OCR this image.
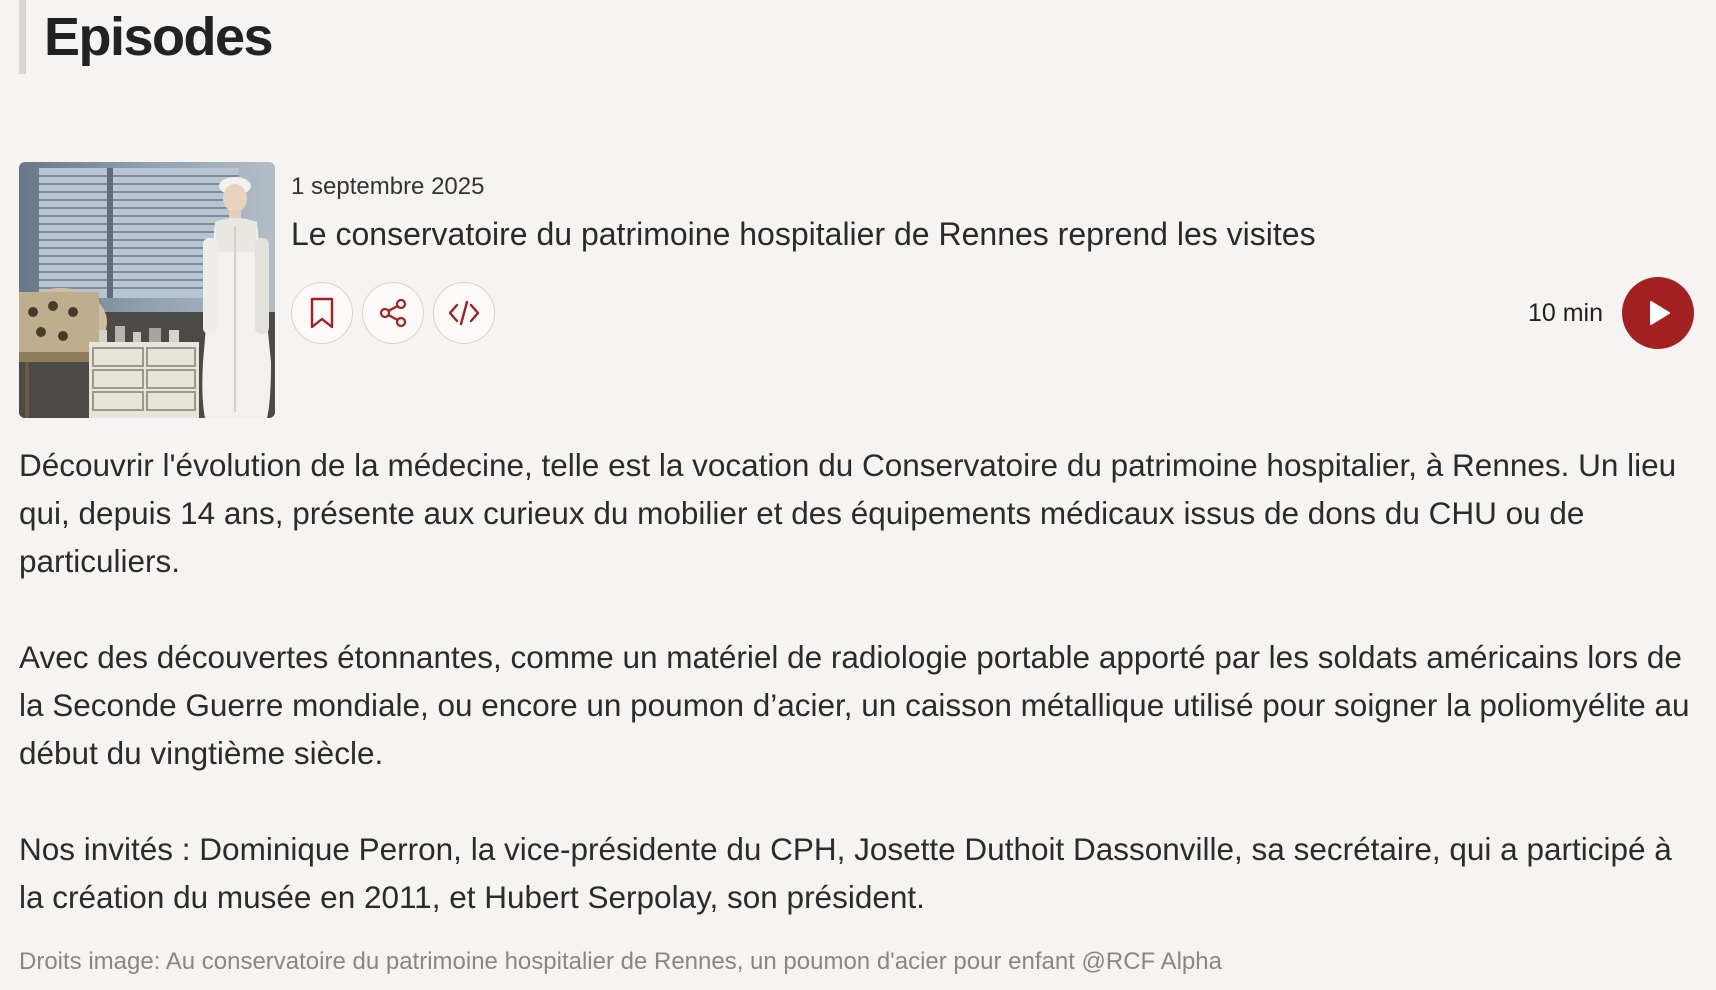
Episodes
1 septembre 2025
Le conservatoire du patrimoine hospitalier de Rennes reprend les visites
10 min

Découvrir l'évolution de la médecine, telle est la vocation du Conservatoire du patrimoine hospitalier, à Rennes. Un lieu qui, depuis 14 ans, présente aux curieux du mobilier et des équipements médicaux issus de dons du CHU ou de particuliers.

Avec des découvertes étonnantes, comme un matériel de radiologie portable apporté par les soldats américains lors de la Seconde Guerre mondiale, ou encore un poumon d’acier, un caisson métallique utilisé pour soigner la poliomyélite au début du vingtième siècle.

Nos invités : Dominique Perron, la vice-présidente du CPH, Josette Duthoit Dassonville, sa secrétaire, qui a participé à la création du musée en 2011, et Hubert Serpolay, son président.

Droits image: Au conservatoire du patrimoine hospitalier de Rennes, un poumon d'acier pour enfant @RCF Alpha
